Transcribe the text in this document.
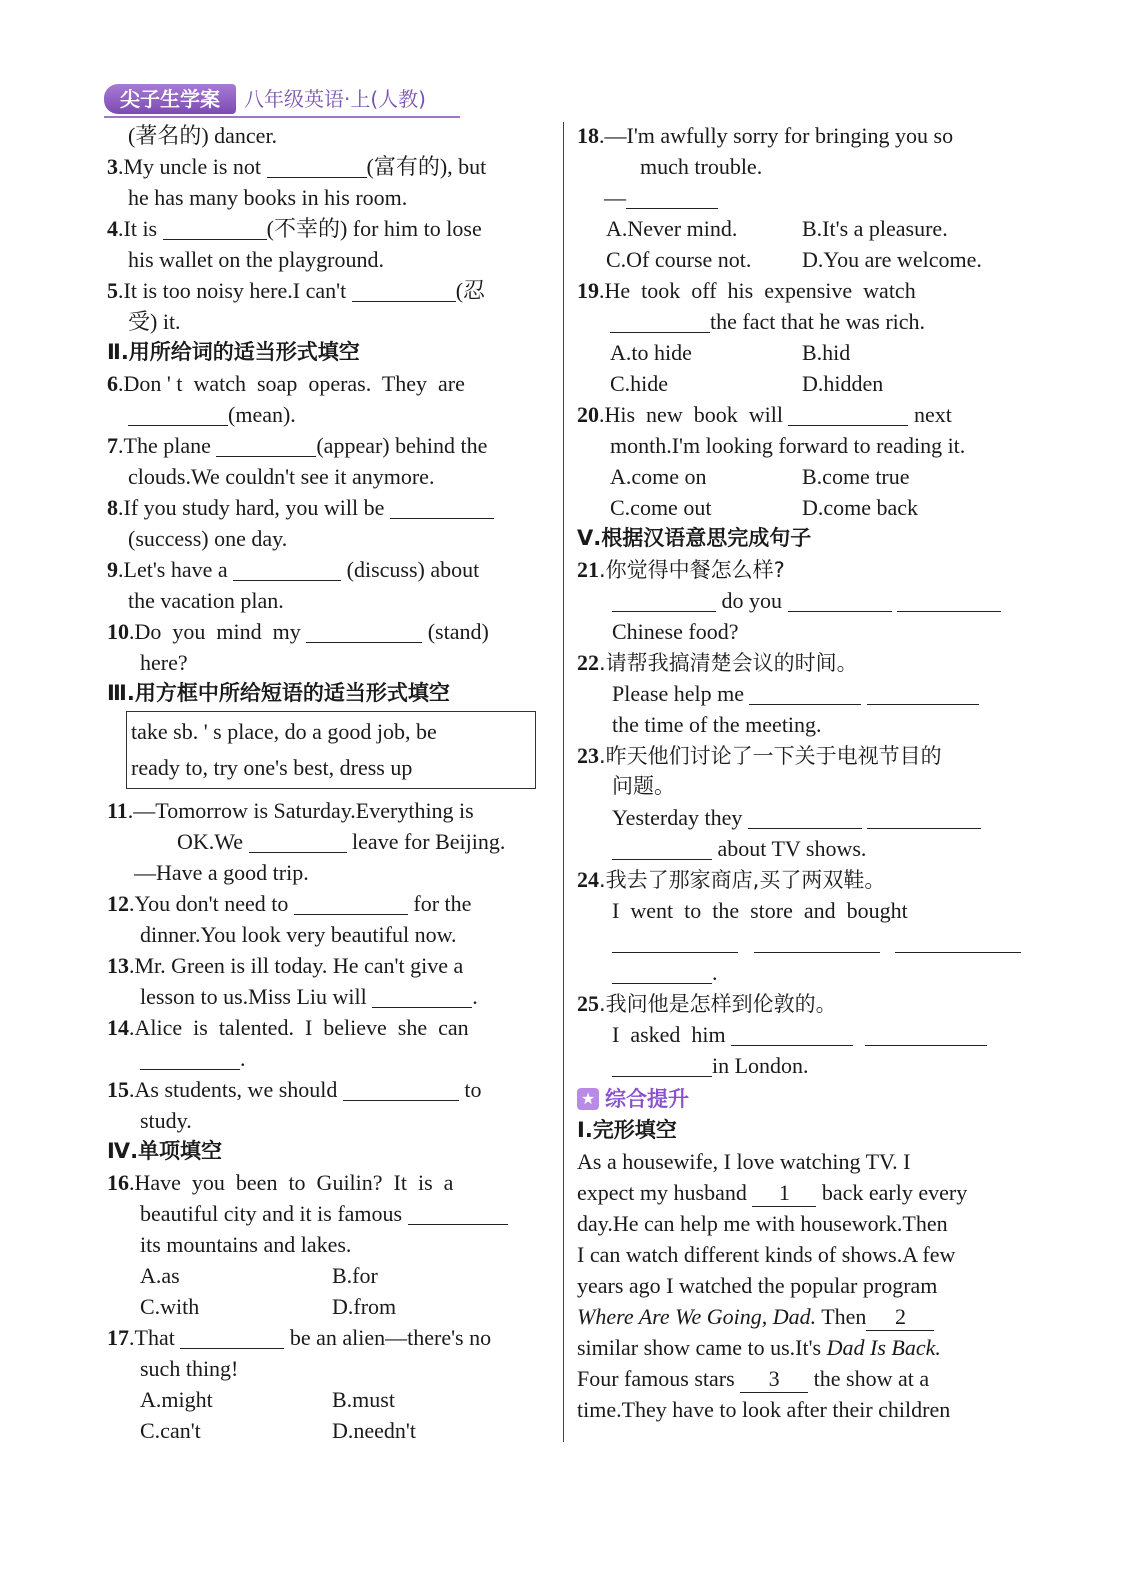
尖子生学案	八年级英语·上(人教)
(著名的) dancer.
3.My uncle is not	(富有的), but
he has many books in his room.
4.It is	(不幸的) for him to lose
his wallet on the playground.
5.It is too noisy here.I can't	(忍
受) it.
Ⅱ.用所给词的适当形式填空
6.Don ' t  watch  soap  operas.  They  are
(mean).
7.The plane	(appear) behind the
clouds.We couldn't see it anymore.
8.If you study hard, you will be
(success) one day.
9.Let's have a	(discuss) about
the vacation plan.
10.Do  you  mind  my	(stand)
here?
Ⅲ.用方框中所给短语的适当形式填空
take sb. ' s place, do a good job, be
ready to, try one's best, dress up
11.—Tomorrow is Saturday.Everything is
OK.We	leave for Beijing.
—Have a good trip.
12.You don't need to	for the
dinner.You look very beautiful now.
13.Mr. Green is ill today. He can't give a
lesson to us.Miss Liu will	.
14.Alice  is  talented.  I  believe  she  can
.
15.As students, we should	to
study.
Ⅳ.单项填空
16.Have  you  been  to  Guilin?  It  is  a
beautiful city and it is famous
its mountains and lakes.
A.as	B.for
C.with	D.from
17.That	be an alien—there's no
such thing!
A.might	B.must
C.can't	D.needn't
18.—I'm awfully sorry for bringing you so
much trouble.
—
A.Never mind.	B.It's a pleasure.
C.Of course not. D.You are welcome.
19.He  took  off  his  expensive  watch
the fact that he was rich.
A.to hide	B.hid
C.hide	D.hidden
20.His  new  book  will	next
month.I'm looking forward to reading it.
A.come on	B.come true
C.come out	D.come back
Ⅴ.根据汉语意思完成句子
21.你觉得中餐怎么样?
do you
Chinese food?
22.请帮我搞清楚会议的时间。
Please help me
the time of the meeting.
23.昨天他们讨论了一下关于电视节目的
问题。
Yesterday they
about TV shows.
24.我去了那家商店,买了两双鞋。
I  went  to  the  store  and  bought

.
25.我问他是怎样到伦敦的。
I  asked  him
in London.
★ 综合提升
Ⅰ.完形填空
As a housewife, I love watching TV. I
expect my husband 1 back early every
day.He can help me with housework.Then
I can watch different kinds of shows.A few
years ago I watched the popular program
Where Are We Going, Dad. Then 2
similar show came to us.It's Dad Is Back.
Four famous stars 3 the show at a
time.They have to look after their children
